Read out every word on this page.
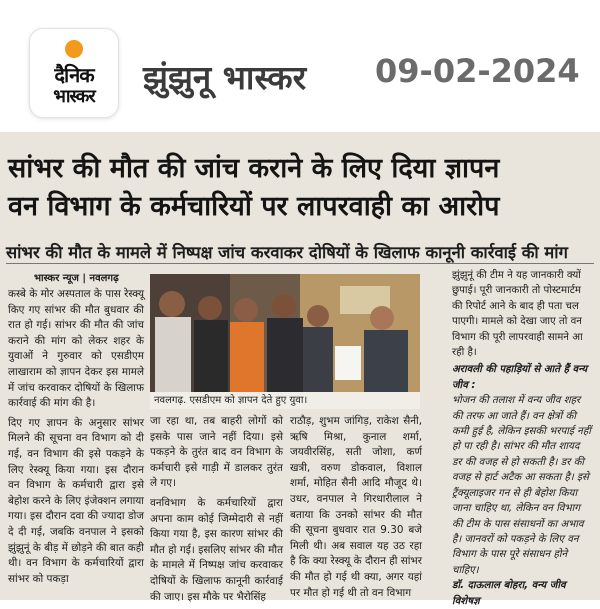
दैनिक
भास्कर	झुंझुनू भास्कर 09-02-2024
सांभर की मौत की जांच कराने के लिए दिया ज्ञापन
वन विभाग के कर्मचारियों पर लापरवाही का आरोप
सांभर की मौत के मामले में निष्पक्ष जांच करवाकर दोषियों के खिलाफ कानूनी कार्रवाई की मांग
भास्कर न्यूज | नवलगढ़

कस्बे के मोर अस्पताल के पास रेस्क्यू किए गए सांभर की मौत बुधवार की रात हो गई। सांभर की मौत की जांच कराने की मांग को लेकर शहर के युवाओं ने गुरुवार को एसडीएम लाखाराम को ज्ञापन देकर इस मामले में जांच करवाकर दोषियों के खिलाफ कार्रवाई की मांग की है।

दिए गए ज्ञापन के अनुसार सांभर मिलने की सूचना वन विभाग को दी गई, वन विभाग की इसे पकड़ने के लिए रेस्क्यू किया गया। इस दौरान वन विभाग के कर्मचारी द्वारा इसे बेहोश करने के लिए इंजेक्शन लगाया गया। इस दौरान दवा की ज्यादा डोज दे दी गई, जबकि वनपाल ने इसको झुंझुनूं के बीड़ में छोड़ने की बात कही थी। वन विभाग के कर्मचारियों द्वारा सांभर को पकड़ा

नवलगढ़. एसडीएम को ज्ञापन देते हुए युवा।

जा रहा था, तब बाहरी लोगों को इसके पास जाने नहीं दिया। इसे पकड़ने के तुरंत बाद वन विभाग के कर्मचारी इसे गाड़ी में डालकर तुरंत ले गए।

वनविभाग के कर्मचारियों द्वारा अपना काम कोई जिम्मेदारी से नहीं किया गया है, इस कारण सांभर की मौत हो गई। इसलिए सांभर की मौत के मामले में निष्पक्ष जांच करवाकर दोषियों के खिलाफ कानूनी कार्रवाई की जाए। इस मौके पर भैरोसिंह

राठौड़, शुभम जांगिड़, राकेश सैनी, ऋषि मिश्रा, कुनाल शर्मा, जयवीरसिंह, सती जोशा, कर्ण खत्री, वरुण डोकवाल, विशाल शर्मा, मोहित सैनी आदि मौजूद थे। उधर, वनपाल ने गिरधारीलाल ने बताया कि उनको सांभर की मौत की सूचना बुधवार रात 9.30 बजे मिली थी। अब सवाल यह उठ रहा है कि क्या रेस्क्यू के दौरान ही सांभर की मौत हो गई थी क्या, अगर यहां पर मौत हो गई थी तो वन विभाग

झुंझुनूं की टीम ने यह जानकारी क्यों छुपाई। पूरी जानकारी तो पोस्टमार्टम की रिपोर्ट आने के बाद ही पता चल पाएगी। मामले को देखा जाए तो वन विभाग की पूरी लापरवाही सामने आ रही है।

अरावली की पहाड़ियों से आते हैं वन्य जीव :

भोजन की तलाश में वन्य जीव शहर की तरफ आ जाते हैं। वन क्षेत्रों की कमी हुई है, लेकिन इसकी भरपाई नहीं हो पा रही है। सांभर की मौत शायद डर की वजह से हो सकती है। डर की वजह से हार्ट अटैक आ सकता है। इसे ट्रैंक्यूलाइजर गन से ही बेहोश किया जाना चाहिए था, लेकिन वन विभाग की टीम के पास संसाधनों का अभाव है। जानवरों को पकड़ने के लिए वन विभाग के पास पूरे संसाधन होने चाहिए।

डॉ. दाऊलाल बोहरा, वन्य जीव विशेषज्ञ
